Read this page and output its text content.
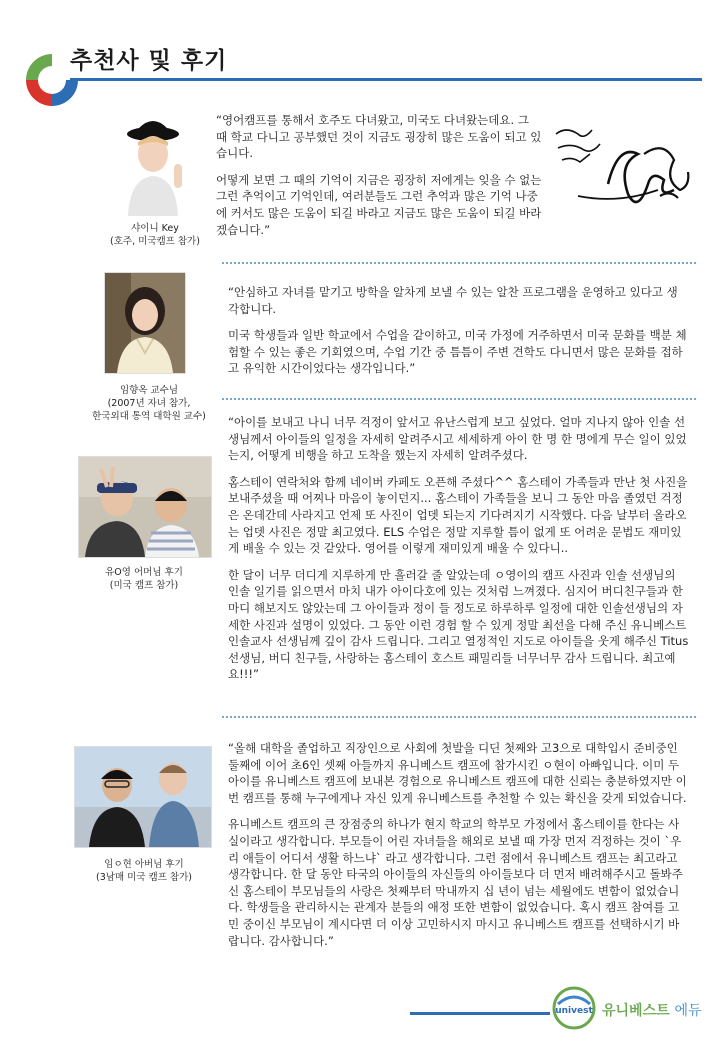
추천사 및 후기
샤이니 Key
(호주, 미국캠프 참가)

“영어캠프를 통해서 호주도 다녀왔고, 미국도 다녀왔는데요. 그 때 학교 다니고 공부했던 것이 지금도 굉장히 많은 도움이 되고 있습니다.

어떻게 보면 그 때의 기억이 지금은 굉장히 저에게는 잊을 수 없는 그런 추억이고 기억인데, 여러분들도 그런 추억과 많은 기억 나중에 커서도 많은 도움이 되길 바라고 지금도 많은 도움이 되길 바라겠습니다.”

임향옥 교수님
(2007년 자녀 참가,
한국외대 통역 대학원 교수)

“안심하고 자녀를 맡기고 방학을 알차게 보낼 수 있는 알찬 프로그램을 운영하고 있다고 생각합니다.

미국 학생들과 일반 학교에서 수업을 같이하고, 미국 가정에 거주하면서 미국 문화를 백분 체험할 수 있는 좋은 기회였으며, 수업 기간 중 틈틈이 주변 견학도 다니면서 많은 문화를 접하고 유익한 시간이었다는 생각입니다.”

유O영 어머님 후기
(미국 캠프 참가)

“아이를 보내고 나니 너무 걱정이 앞서고 유난스럽게 보고 싶었다. 얼마 지나지 않아 인솔 선생님께서 아이들의 일정을 자세히 알려주시고 세세하게 아이 한 명 한 명에게 무슨 일이 있었는지, 어떻게 비행을 하고 도착을 했는지 자세히 알려주셨다.

홈스테이 연락처와 함께 네이버 카페도 오픈해 주셨다^^ 홈스테이 가족들과 만난 첫 사진을 보내주셨을 때 어찌나 마음이 놓이던지... 홈스테이 가족들을 보니 그 동안 마음 졸였던 걱정은 온데간데 사라지고 언제 또 사진이 업뎃 되는지 기다려지기 시작했다. 다음 날부터 올라오는 업뎃 사진은 정말 최고였다. ELS 수업은 정말 지루할 틈이 없게 또 어려운 문법도 재미있게 배울 수 있는 것 같았다. 영어를 이렇게 재미있게 배울 수 있다니..

한 달이 너무 더디게 지루하게 만 흘러갈 줄 알았는데 ㅇ영이의 캠프 사진과 인솔 선생님의 인솔 일기를 읽으면서 마치 내가 아이다호에 있는 것처럼 느껴졌다. 심지어 버디친구들과 한마디 해보지도 않았는데 그 아이들과 정이 들 정도로 하루하루 일정에 대한 인솔선생님의 자세한 사진과 설명이 있었다. 그 동안 이런 경험 할 수 있게 정말 최선을 다해 주신 유니베스트 인솔교사 선생님께 깊이 감사 드립니다. 그리고 열정적인 지도로 아이들을 웃게 해주신 Titus선생님, 버디 친구들, 사랑하는 홈스테이 호스트 패밀리들 너무너무 감사 드립니다. 최고예요!!!”

임ㅇ현 아버님 후기
(3남매 미국 캠프 참가)

“올해 대학을 졸업하고 직장인으로 사회에 첫발을 디딘 첫째와 고3으로 대학입시 준비중인 둘째에 이어 초6인 셋째 아들까지 유니베스트 캠프에 참가시킨 ㅇ현이 아빠입니다. 이미 두 아이를 유니베스트 캠프에 보내본 경험으로 유니베스트 캠프에 대한 신뢰는 충분하였지만 이번 캠프를 통해 누구에게나 자신 있게 유니베스트를 추천할 수 있는 확신을 갖게 되었습니다.

유니베스트 캠프의 큰 장점중의 하나가 현지 학교의 학부모 가정에서 홈스테이를 한다는 사실이라고 생각합니다. 부모들이 어린 자녀들을 해외로 보낼 때 가장 먼저 걱정하는 것이 `우리 애들이 어디서 생활 하느냐` 라고 생각합니다. 그런 점에서 유니베스트 캠프는 최고라고 생각합니다. 한 달 동안 타국의 아이들의 자신들의 아이들보다 더 먼저 배려해주시고 돌봐주신 홈스테이 부모님들의 사랑은 첫째부터 막내까지 십 년이 넘는 세월에도 변함이 없었습니다. 학생들을 관리하시는 관계자 분들의 애정 또한 변함이 없었습니다. 혹시 캠프 참여를 고민 중이신 부모님이 계시다면 더 이상 고민하시지 마시고 유니베스트 캠프를 선택하시기 바랍니다. 감사합니다.”

univest 유니베스트 에듀
